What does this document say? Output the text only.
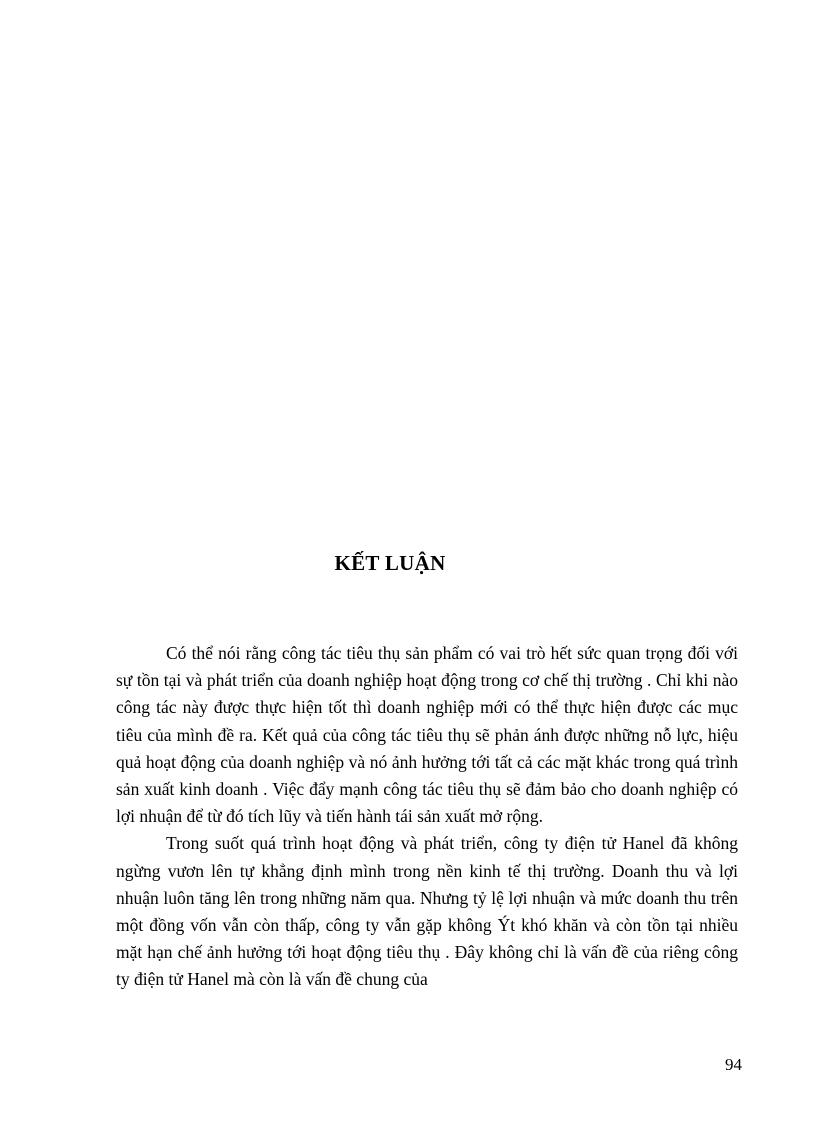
KẾT LUẬN

Có thể nói rằng công tác tiêu thụ sản phẩm có vai trò hết sức quan trọng đối với sự tồn tại và phát triển của doanh nghiệp hoạt động trong cơ chế thị trường . Chỉ khi nào công tác này được thực hiện tốt thì doanh nghiệp mới có thể thực hiện được các mục tiêu của mình đề ra. Kết quả của công tác tiêu thụ sẽ phản ánh được những nỗ lực, hiệu quả hoạt động của doanh nghiệp và nó ảnh hưởng tới tất cả các mặt khác trong quá trình sản xuất kinh doanh . Việc đẩy mạnh công tác tiêu thụ sẽ đảm bảo cho doanh nghiệp có lợi nhuận để từ đó tích lũy và tiến hành tái sản xuất mở rộng.

Trong suốt quá trình hoạt động và phát triển, công ty điện tử Hanel đã không ngừng vươn lên tự khẳng định mình trong nền kinh tế thị trường. Doanh thu và lợi nhuận luôn tăng lên trong những năm qua. Nhưng tỷ lệ lợi nhuận và mức doanh thu trên một đồng vốn vẫn còn thấp, công ty vẫn gặp không Ýt khó khăn và còn tồn tại nhiều mặt hạn chế ảnh hưởng tới hoạt động tiêu thụ . Đây không chỉ là vấn đề của riêng công ty điện tử Hanel mà còn là vấn đề chung của

94
